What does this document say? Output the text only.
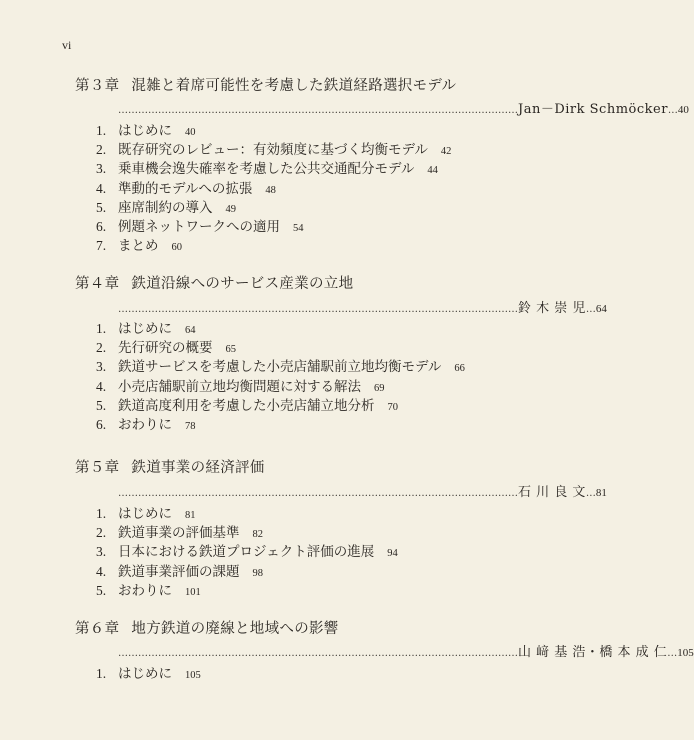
vi
第３章 混雑と着席可能性を考慮した鉄道経路選択モデル
………………………………………………………………………………………………………… Jan－Dirk Schmöcker … 40
1. はじめに 40
2. 既存研究のレビュー：有効頻度に基づく均衡モデル 42
3. 乗車機会逸失確率を考慮した公共交通配分モデル 44
4. 準動的モデルへの拡張 48
5. 座席制約の導入 49
6. 例題ネットワークへの適用 54
7. まとめ 60
第４章 鉄道沿線へのサービス産業の立地
………………………………………………………………………………………………………… 鈴 木 崇 児 … 64
1. はじめに 64
2. 先行研究の概要 65
3. 鉄道サービスを考慮した小売店舗駅前立地均衡モデル 66
4. 小売店舗駅前立地均衡問題に対する解法 69
5. 鉄道高度利用を考慮した小売店舗立地分析 70
6. おわりに 78
第５章 鉄道事業の経済評価
………………………………………………………………………………………………………… 石 川 良 文 … 81
1. はじめに 81
2. 鉄道事業の評価基準 82
3. 日本における鉄道プロジェクト評価の進展 94
4. 鉄道事業評価の課題 98
5. おわりに 101
第６章 地方鉄道の廃線と地域への影響
………………………………………………………………………………………………………… 山 﨑 基 浩・橋 本 成 仁 … 105
1. はじめに 105
